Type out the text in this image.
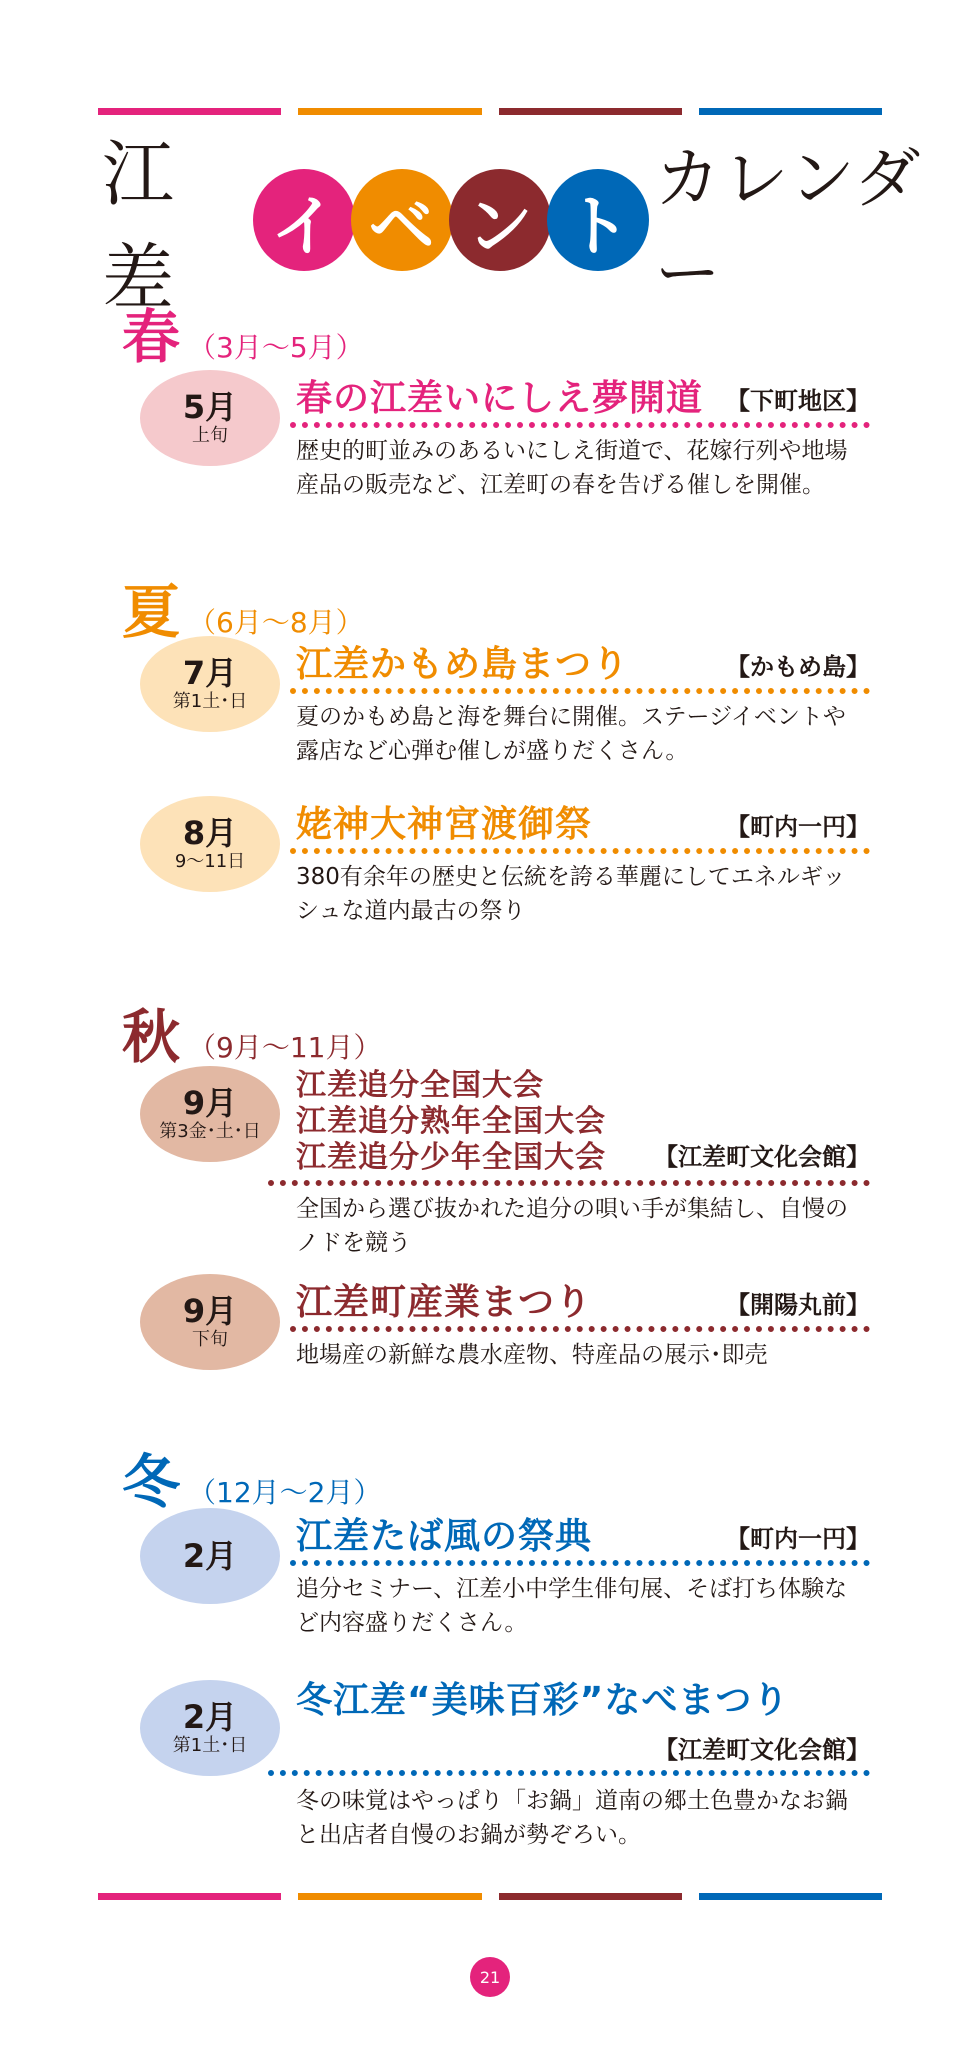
江差
イ ベ ン ト
カレンダー
春 （3月～5月）
5月
上旬
春の江差いにしえ夢開道 【下町地区】
歴史的町並みのあるいにしえ街道で、花嫁行列や地場産品の販売など、江差町の春を告げる催しを開催。
夏 （6月～8月）
7月
第1土･日
江差かもめ島まつり	【かもめ島】
夏のかもめ島と海を舞台に開催。ステージイベントや露店など心弾む催しが盛りだくさん。
8月
9～11日
姥神大神宮渡御祭	【町内一円】
380有余年の歴史と伝統を誇る華麗にしてエネルギッシュな道内最古の祭り
秋 （9月～11月）
9月
第3金･土･日
江差追分全国大会
江差追分熟年全国大会
江差追分少年全国大会 【江差町文化会館】
全国から選び抜かれた追分の唄い手が集結し、自慢のノドを競う
9月
下旬
江差町産業まつり	【開陽丸前】
地場産の新鮮な農水産物、特産品の展示･即売
冬 （12月～2月）
2月 江差たば風の祭典	【町内一円】
追分セミナー、江差小中学生俳句展、そば打ち体験など内容盛りだくさん。
2月
第1土･日
冬江差“美味百彩”なべまつり
【江差町文化会館】
冬の味覚はやっぱり「お鍋」道南の郷土色豊かなお鍋と出店者自慢のお鍋が勢ぞろい。
21
